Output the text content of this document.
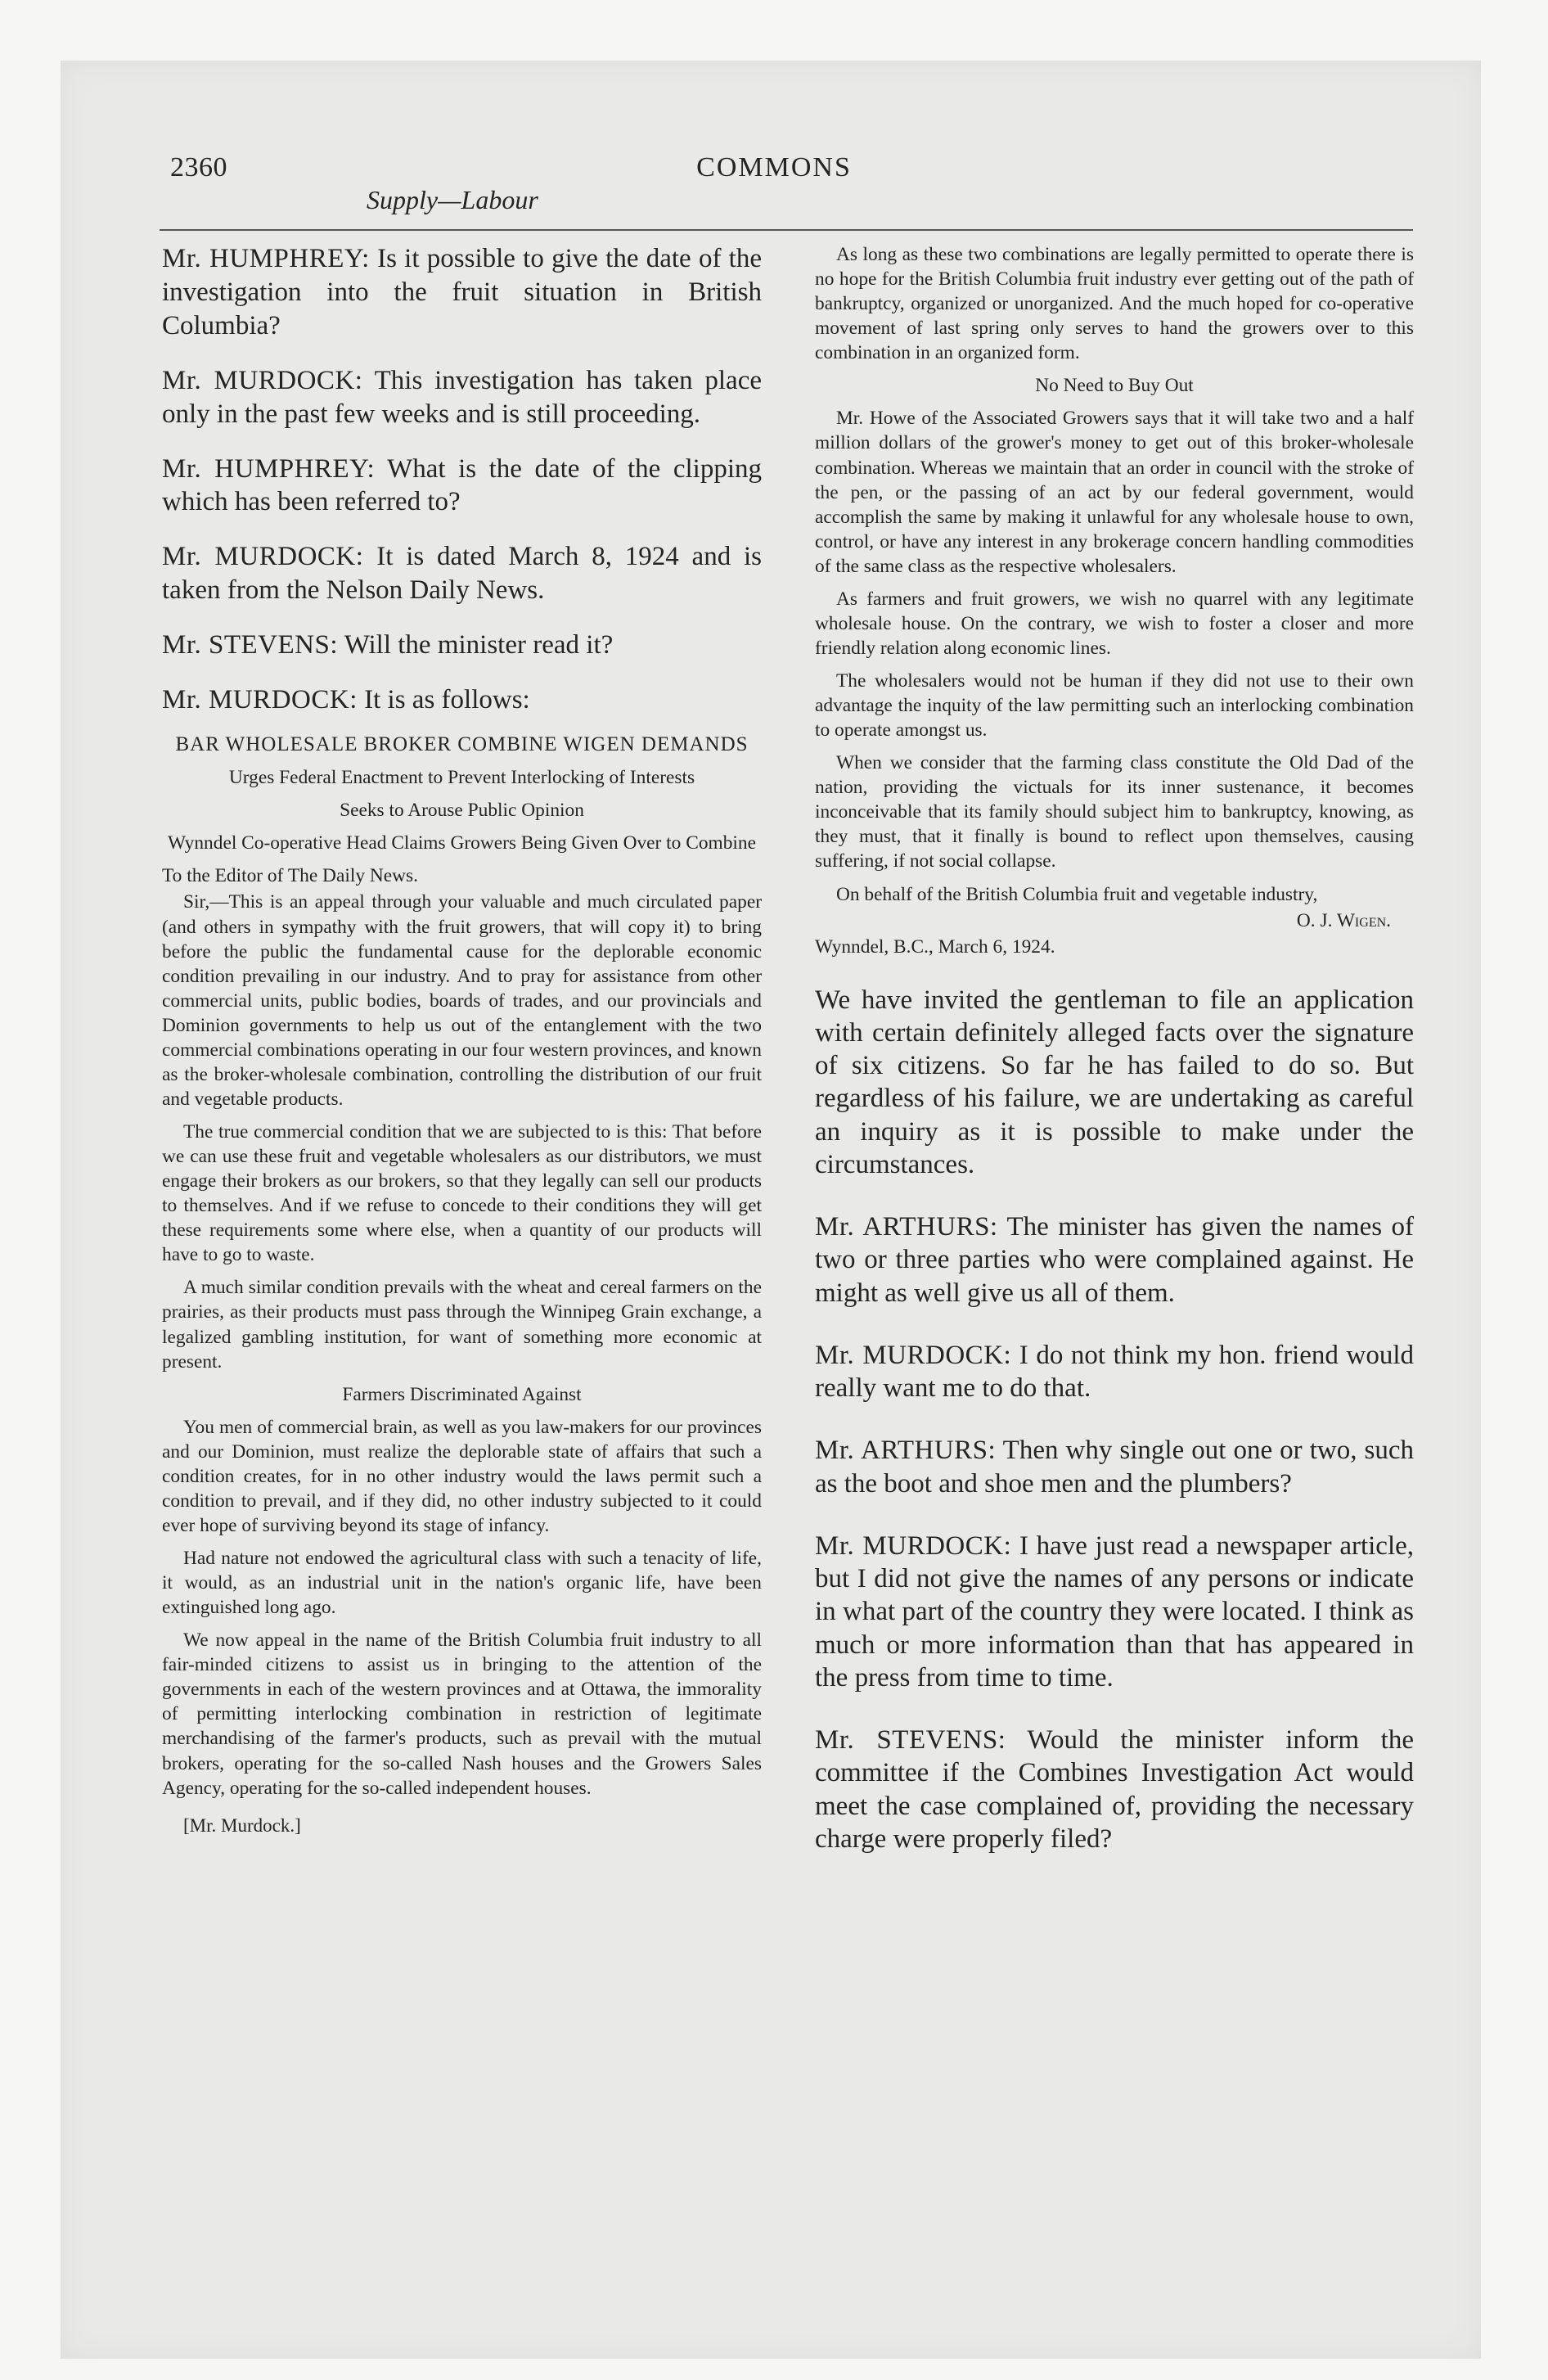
2360	COMMONS
Supply—Labour

Mr. HUMPHREY: Is it possible to give the date of the investigation into the fruit situation in British Columbia?

Mr. MURDOCK: This investigation has taken place only in the past few weeks and is still proceeding.

Mr. HUMPHREY: What is the date of the clipping which has been referred to?

Mr. MURDOCK: It is dated March 8, 1924 and is taken from the Nelson Daily News.

Mr. STEVENS: Will the minister read it?

Mr. MURDOCK: It is as follows:

BAR WHOLESALE BROKER COMBINE WIGEN DEMANDS

Urges Federal Enactment to Prevent Interlocking of Interests

Seeks to Arouse Public Opinion

Wynndel Co-operative Head Claims Growers Being Given Over to Combine

To the Editor of The Daily News.

Sir,—This is an appeal through your valuable and much circulated paper (and others in sympathy with the fruit growers, that will copy it) to bring before the public the fundamental cause for the deplorable economic condition prevailing in our industry. And to pray for assistance from other commercial units, public bodies, boards of trades, and our provincials and Dominion governments to help us out of the entanglement with the two commercial combinations operating in our four western provinces, and known as the broker-wholesale combination, controlling the distribution of our fruit and vegetable products.

The true commercial condition that we are subjected to is this: That before we can use these fruit and vegetable wholesalers as our distributors, we must engage their brokers as our brokers, so that they legally can sell our products to themselves. And if we refuse to concede to their conditions they will get these requirements some where else, when a quantity of our products will have to go to waste.

A much similar condition prevails with the wheat and cereal farmers on the prairies, as their products must pass through the Winnipeg Grain exchange, a legalized gambling institution, for want of something more economic at present.

Farmers Discriminated Against

You men of commercial brain, as well as you law-makers for our provinces and our Dominion, must realize the deplorable state of affairs that such a condition creates, for in no other industry would the laws permit such a condition to prevail, and if they did, no other industry subjected to it could ever hope of surviving beyond its stage of infancy.

Had nature not endowed the agricultural class with such a tenacity of life, it would, as an industrial unit in the nation's organic life, have been extinguished long ago.

We now appeal in the name of the British Columbia fruit industry to all fair-minded citizens to assist us in bringing to the attention of the governments in each of the western provinces and at Ottawa, the immorality of permitting interlocking combination in restriction of legitimate merchandising of the farmer's products, such as prevail with the mutual brokers, operating for the so-called Nash houses and the Growers Sales Agency, operating for the so-called independent houses.

[Mr. Murdock.]

As long as these two combinations are legally permitted to operate there is no hope for the British Columbia fruit industry ever getting out of the path of bankruptcy, organized or unorganized. And the much hoped for co-operative movement of last spring only serves to hand the growers over to this combination in an organized form.

No Need to Buy Out

Mr. Howe of the Associated Growers says that it will take two and a half million dollars of the grower's money to get out of this broker-wholesale combination. Whereas we maintain that an order in council with the stroke of the pen, or the passing of an act by our federal government, would accomplish the same by making it unlawful for any wholesale house to own, control, or have any interest in any brokerage concern handling commodities of the same class as the respective wholesalers.

As farmers and fruit growers, we wish no quarrel with any legitimate wholesale house. On the contrary, we wish to foster a closer and more friendly relation along economic lines.

The wholesalers would not be human if they did not use to their own advantage the inquity of the law permitting such an interlocking combination to operate amongst us.

When we consider that the farming class constitute the Old Dad of the nation, providing the victuals for its inner sustenance, it becomes inconceivable that its family should subject him to bankruptcy, knowing, as they must, that it finally is bound to reflect upon themselves, causing suffering, if not social collapse.

On behalf of the British Columbia fruit and vegetable industry,

O. J. Wigen.

Wynndel, B.C., March 6, 1924.

We have invited the gentleman to file an application with certain definitely alleged facts over the signature of six citizens. So far he has failed to do so. But regardless of his failure, we are undertaking as careful an inquiry as it is possible to make under the circumstances.

Mr. ARTHURS: The minister has given the names of two or three parties who were complained against. He might as well give us all of them.

Mr. MURDOCK: I do not think my hon. friend would really want me to do that.

Mr. ARTHURS: Then why single out one or two, such as the boot and shoe men and the plumbers?

Mr. MURDOCK: I have just read a newspaper article, but I did not give the names of any persons or indicate in what part of the country they were located. I think as much or more information than that has appeared in the press from time to time.

Mr. STEVENS: Would the minister inform the committee if the Combines Investigation Act would meet the case complained of, providing the necessary charge were properly filed?
